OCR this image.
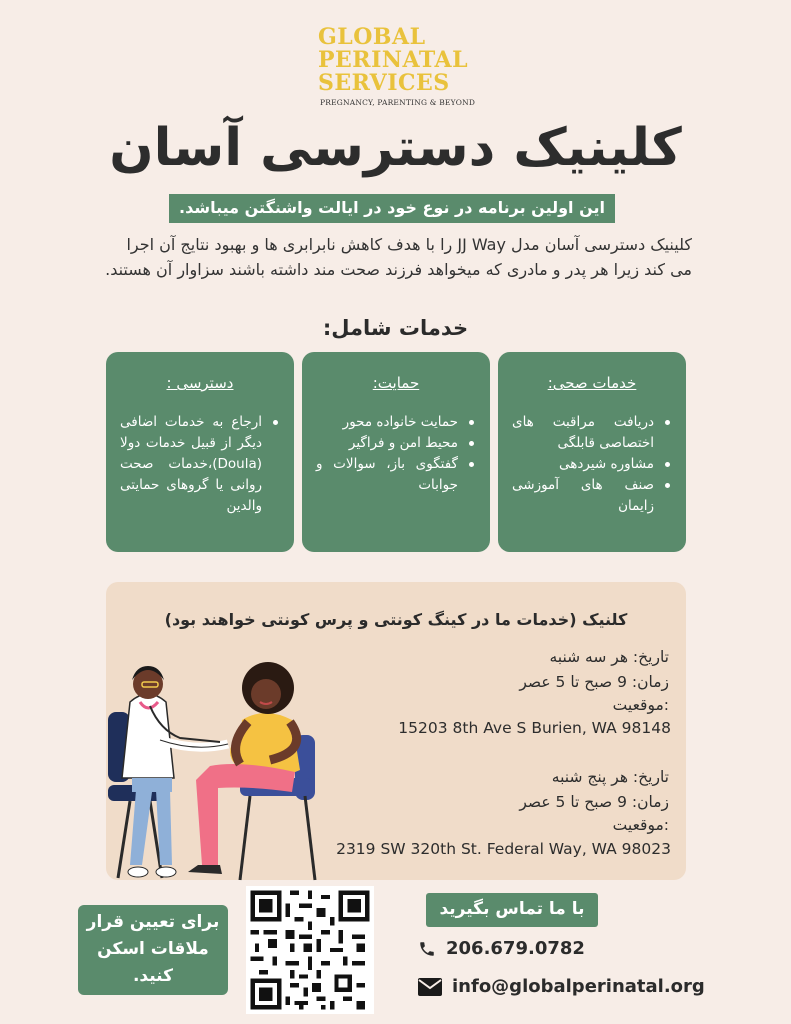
GLOBAL
PERINATAL
SERVICES
PREGNANCY, PARENTING & BEYOND
کلینیک دسترسی آسان
این اولین برنامه در نوع خود در ایالت واشنگتن میباشد.
کلینیک دسترسی آسان مدل JJ Way را با هدف کاهش نابرابری ها و بهبود نتایج آن اجرا می کند زیرا هر پدر و مادری که میخواهد فرزند صحت مند داشته باشند سزاوار آن هستند.
خدمات شامل:
خدمات صحی:
دریافت مراقبت های اختصاصی قابلگی
مشاوره شیردهی
صنف های آموزشی زایمان
حمایت:
حمایت خانواده محور
محیط امن و فراگیر
گفتگوی باز، سوالات و جوابات
دسترسی :
ارجاع به خدمات اضافی دیگر از قبیل خدمات دولا (Doula)،خدمات صحت روانی یا گروهای حمایتی والدین
کلنیک (خدمات ما در کینگ کونتی و پرس کونتی خواهند بود)
تاریخ: هر سه شنبه
زمان: 9 صبح تا 5 عصر
:موقعیت
15203 8th Ave S Burien, WA 98148
تاریخ: هر پنج شنبه
زمان: 9 صبح تا 5 عصر
:موقعیت
2319 SW 320th St. Federal Way, WA 98023
برای تعیین قرار ملاقات اسکن کنید.
با ما تماس بگیرید
206.679.0782
info@globalperinatal.org
